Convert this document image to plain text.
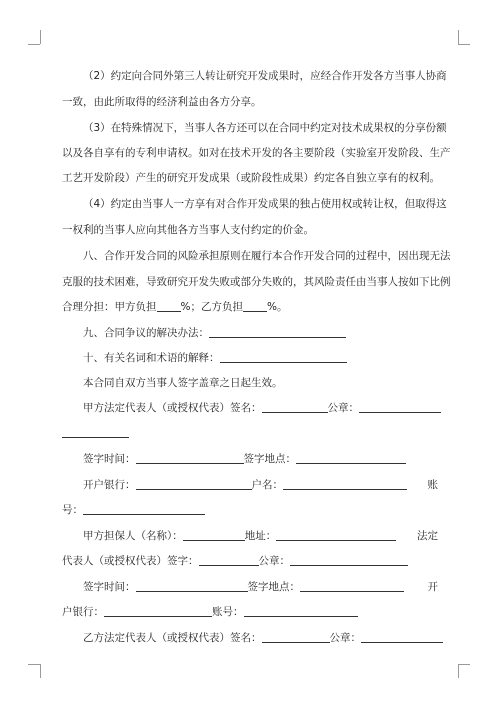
（2）约定向合同外第三人转让研究开发成果时，应经合作开发各方当事人协商
一致，由此所取得的经济利益由各方分享。
（3）在特殊情况下，当事人各方还可以在合同中约定对技术成果权的分享份额
以及各自享有的专利申请权。如对在技术开发的各主要阶段（实验室开发阶段、生产
工艺开发阶段）产生的研究开发成果（或阶段性成果）约定各自独立享有的权利。
（4）约定由当事人一方享有对合作开发成果的独占使用权或转让权，但取得这
一权利的当事人应向其他各方当事人支付约定的价金。
八、合作开发合同的风险承担原则在履行本合作开发合同的过程中，因出现无法
克服的技术困难，导致研究开发失败或部分失败的，其风险责任由当事人按如下比例
合理分担：甲方负担 %；乙方负担 %。
九、合同争议的解决办法：
十、有关名词和术语的解释：
本合同自双方当事人签字盖章之日起生效。
甲方法定代表人（或授权代表）签名：	公章：
签字时间：	签字地点：
开户银行：	户名：	账
号：
甲方担保人（名称）：	地址：	法定
代表人（或授权代表）签字：	公章：
签字时间：	签字地点：	开
户银行：	账号：
乙方法定代表人（或授权代表）签名：	公章：
